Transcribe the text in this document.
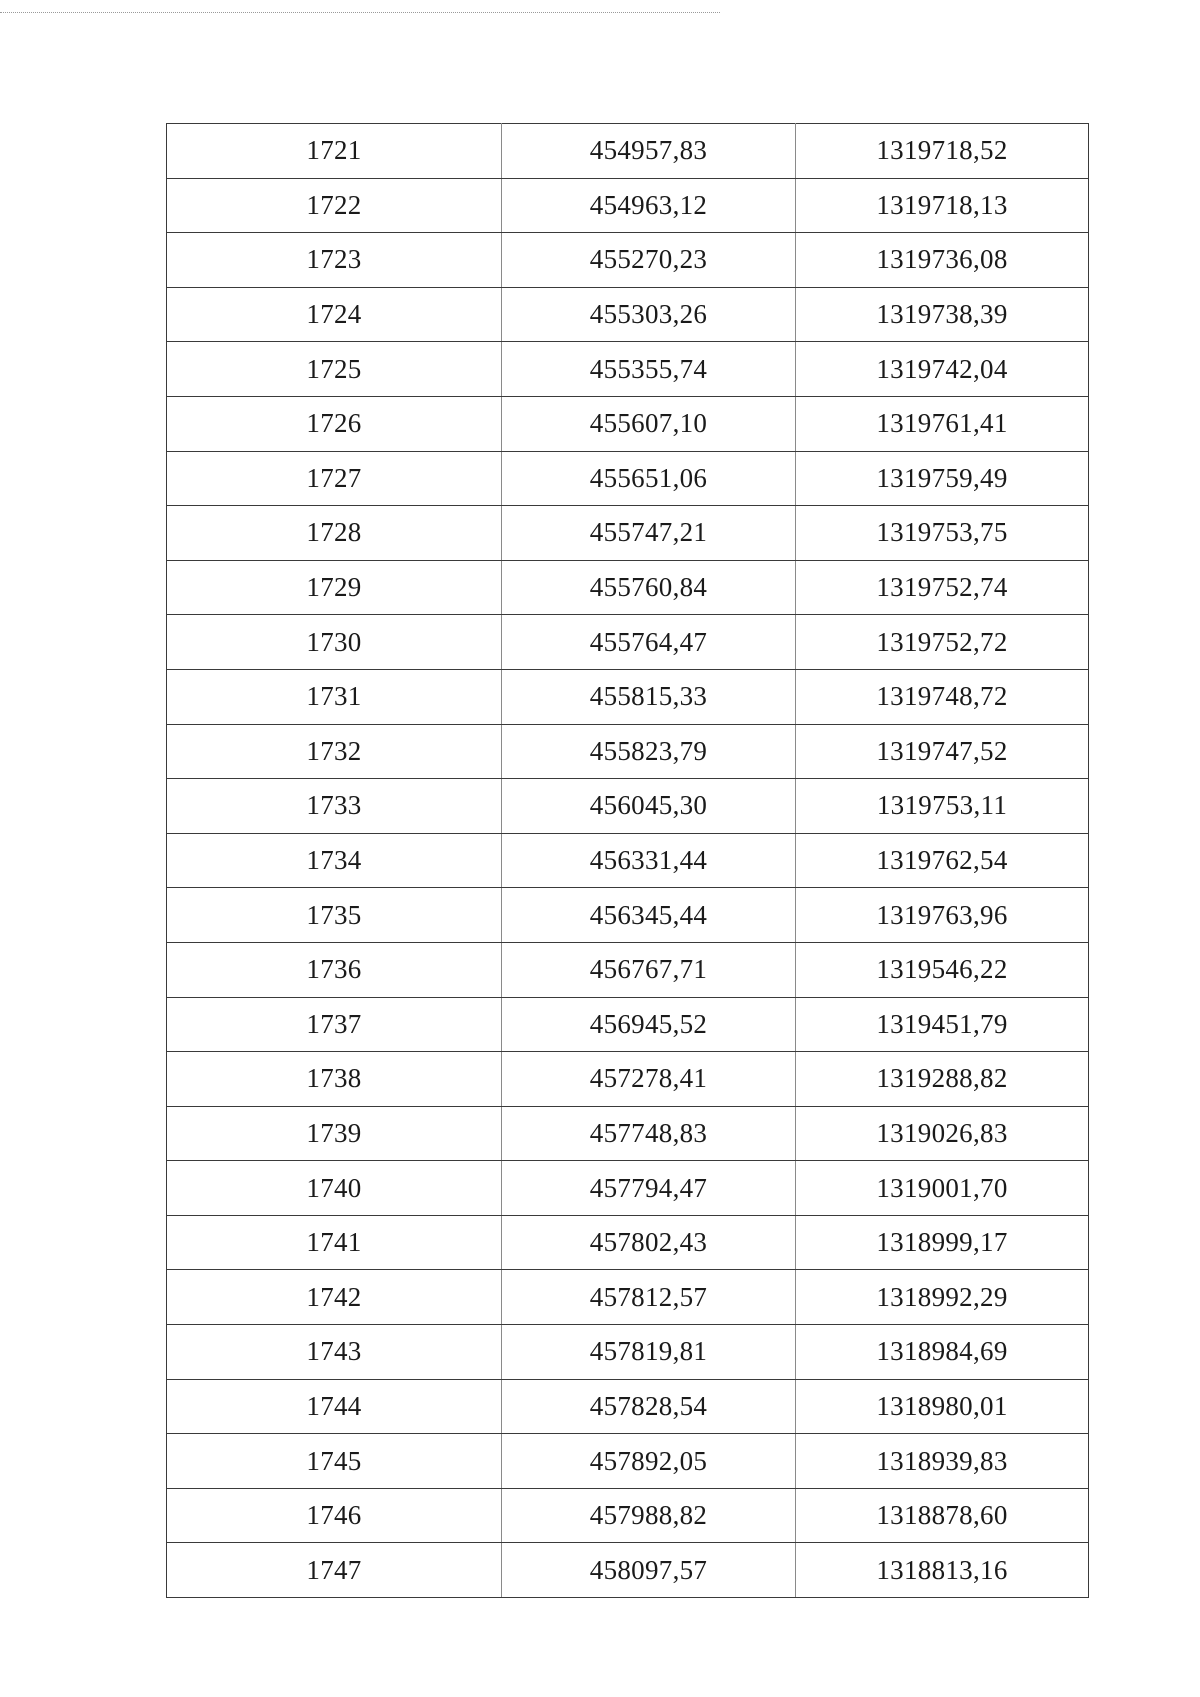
1721	454957,83	1319718,52
1722	454963,12	1319718,13
1723	455270,23	1319736,08
1724	455303,26	1319738,39
1725	455355,74	1319742,04
1726	455607,10	1319761,41
1727	455651,06	1319759,49
1728	455747,21	1319753,75
1729	455760,84	1319752,74
1730	455764,47	1319752,72
1731	455815,33	1319748,72
1732	455823,79	1319747,52
1733	456045,30	1319753,11
1734	456331,44	1319762,54
1735	456345,44	1319763,96
1736	456767,71	1319546,22
1737	456945,52	1319451,79
1738	457278,41	1319288,82
1739	457748,83	1319026,83
1740	457794,47	1319001,70
1741	457802,43	1318999,17
1742	457812,57	1318992,29
1743	457819,81	1318984,69
1744	457828,54	1318980,01
1745	457892,05	1318939,83
1746	457988,82	1318878,60
1747	458097,57	1318813,16
